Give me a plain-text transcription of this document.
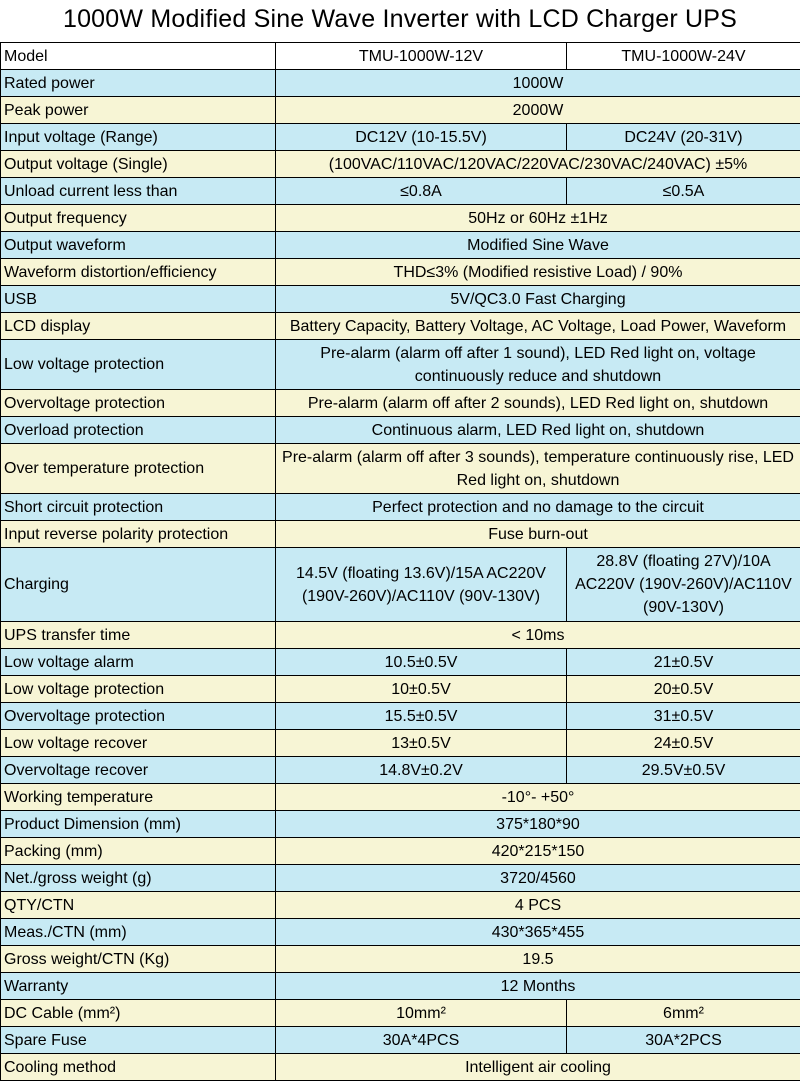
1000W Modified Sine Wave Inverter with LCD Charger UPS
Model	TMU-1000W-12V	TMU-1000W-24V
Rated power	1000W	
Peak power	2000W	
Input voltage (Range)	DC12V (10-15.5V)	DC24V (20-31V)
Output voltage (Single)	(100VAC/110VAC/120VAC/220VAC/230VAC/240VAC) ±5%	
Unload current less than	≤0.8A	≤0.5A
Output frequency	50Hz or 60Hz ±1Hz	
Output waveform	Modified Sine Wave	
Waveform distortion/efficiency	THD≤3% (Modified resistive Load) / 90%	
USB	5V/QC3.0 Fast Charging	
LCD display	Battery Capacity, Battery Voltage, AC Voltage, Load Power, Waveform	
Low voltage protection	Pre-alarm (alarm off after 1 sound), LED Red light on, voltage continuously reduce and shutdown	
Overvoltage protection	Pre-alarm (alarm off after 2 sounds), LED Red light on, shutdown	
Overload protection	Continuous alarm, LED Red light on, shutdown	
Over temperature protection	Pre-alarm (alarm off after 3 sounds), temperature continuously rise, LED Red light on, shutdown	
Short circuit protection	Perfect protection and no damage to the circuit	
Input reverse polarity protection	Fuse burn-out	
Charging	14.5V (floating 13.6V)/15A AC220V (190V-260V)/AC110V (90V-130V)	28.8V (floating 27V)/10A AC220V (190V-260V)/AC110V (90V-130V)
UPS transfer time	< 10ms	
Low voltage alarm	10.5±0.5V	21±0.5V
Low voltage protection	10±0.5V	20±0.5V
Overvoltage protection	15.5±0.5V	31±0.5V
Low voltage recover	13±0.5V	24±0.5V
Overvoltage recover	14.8V±0.2V	29.5V±0.5V
Working temperature	-10°- +50°	
Product Dimension (mm)	375*180*90	
Packing (mm)	420*215*150	
Net./gross weight (g)	3720/4560	
QTY/CTN	4 PCS	
Meas./CTN (mm)	430*365*455	
Gross weight/CTN (Kg)	19.5	
Warranty	12 Months	
DC Cable (mm²)	10mm²	6mm²
Spare Fuse	30A*4PCS	30A*2PCS
Cooling method	Intelligent air cooling	
